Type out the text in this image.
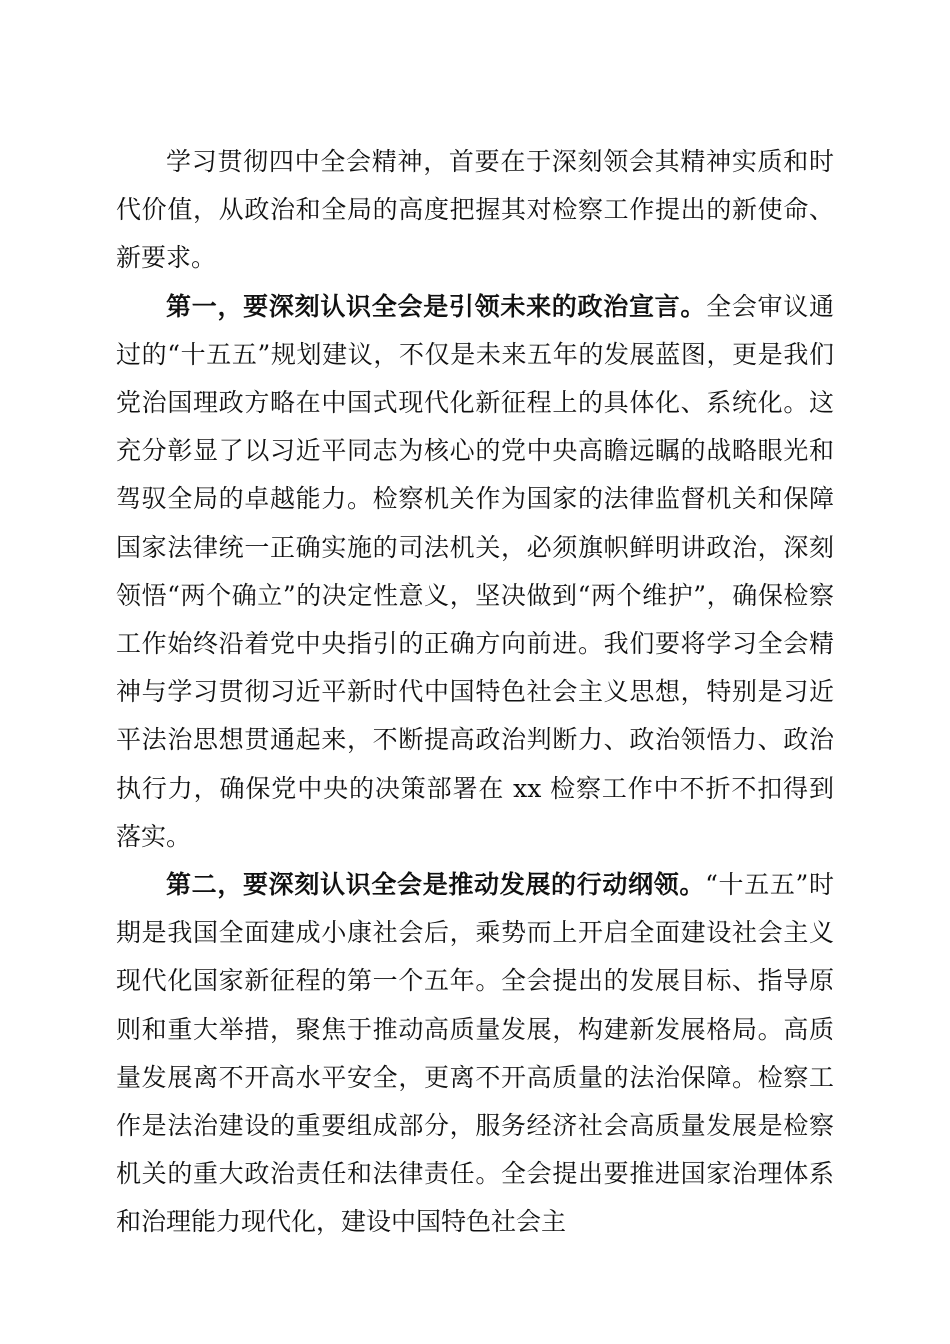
学习贯彻四中全会精神，首要在于深刻领会其精神实质和时代价值，从政治和全局的高度把握其对检察工作提出的新使命、新要求。

第一，要深刻认识全会是引领未来的政治宣言。全会审议通过的“十五五”规划建议，不仅是未来五年的发展蓝图，更是我们党治国理政方略在中国式现代化新征程上的具体化、系统化。这充分彰显了以习近平同志为核心的党中央高瞻远瞩的战略眼光和驾驭全局的卓越能力。检察机关作为国家的法律监督机关和保障国家法律统一正确实施的司法机关，必须旗帜鲜明讲政治，深刻领悟“两个确立”的决定性意义，坚决做到“两个维护”，确保检察工作始终沿着党中央指引的正确方向前进。我们要将学习全会精神与学习贯彻习近平新时代中国特色社会主义思想，特别是习近平法治思想贯通起来，不断提高政治判断力、政治领悟力、政治执行力，确保党中央的决策部署在 xx 检察工作中不折不扣得到落实。

第二，要深刻认识全会是推动发展的行动纲领。“十五五”时期是我国全面建成小康社会后，乘势而上开启全面建设社会主义现代化国家新征程的第一个五年。全会提出的发展目标、指导原则和重大举措，聚焦于推动高质量发展，构建新发展格局。高质量发展离不开高水平安全，更离不开高质量的法治保障。检察工作是法治建设的重要组成部分，服务经济社会高质量发展是检察机关的重大政治责任和法律责任。全会提出要推进国家治理体系和治理能力现代化，建设中国特色社会主
